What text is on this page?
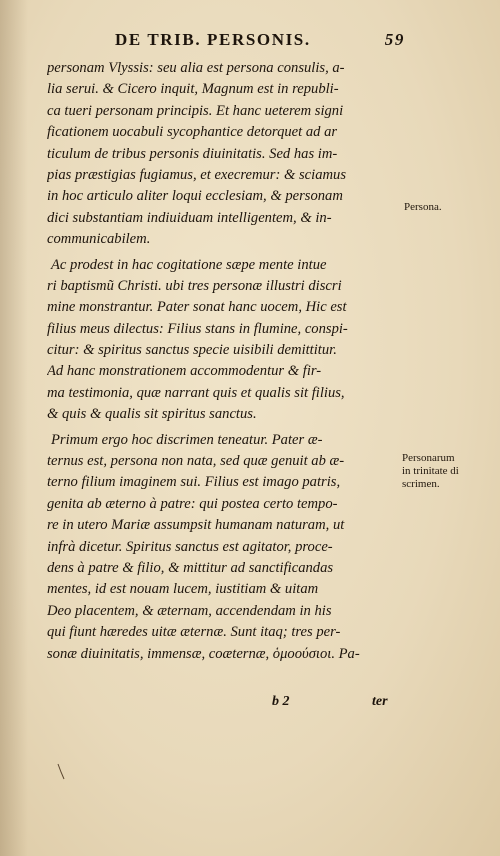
DE TRIB. PERSONIS.	59
personam Vlyssis: seu alia est persona consulis, a-
lia serui. & Cicero inquit, Magnum est in republi-
ca tueri personam principis. Et hanc ueterem signi
ficationem uocabuli sycophantice detorquet ad ar
ticulum de tribus personis diuinitatis. Sed has im-
pias præstigias fugiamus, et execremur: & sciamus
in hoc articulo aliter loqui ecclesiam, & personam
dici substantiam indiuiduam intelligentem, & in-
communicabilem.
Ac prodest in hac cogitatione sæpe mente intue
ri baptismũ Christi. ubi tres personæ illustri discri
mine monstrantur. Pater sonat hanc uocem, Hic est
filius meus dilectus: Filius stans in flumine, conspi-
citur: & spiritus sanctus specie uisibili demittitur.
Ad hanc monstrationem accommodentur & fir-
ma testimonia, quæ narrant quis et qualis sit filius,
& quis & qualis sit spiritus sanctus.
Primum ergo hoc discrimen teneatur. Pater æ-
ternus est, persona non nata, sed quæ genuit ab æ-
terno filium imaginem sui. Filius est imago patris,
genita ab æterno à patre: qui postea certo tempo-
re in utero Mariæ assumpsit humanam naturam, ut
infrà dicetur. Spiritus sanctus est agitator, proce-
dens à patre & filio, & mittitur ad sanctificandas
mentes, id est nouam lucem, iustitiam & uitam
Deo placentem, & æternam, accendendam in his
qui fiunt hæredes uitæ æternæ. Sunt itaq; tres per-
sonæ diuinitatis, immensæ, coæternæ, ὁμοούσιοι. Pa-
Persona.
Personarum
in trinitate di
scrimen.
b 2	ter
